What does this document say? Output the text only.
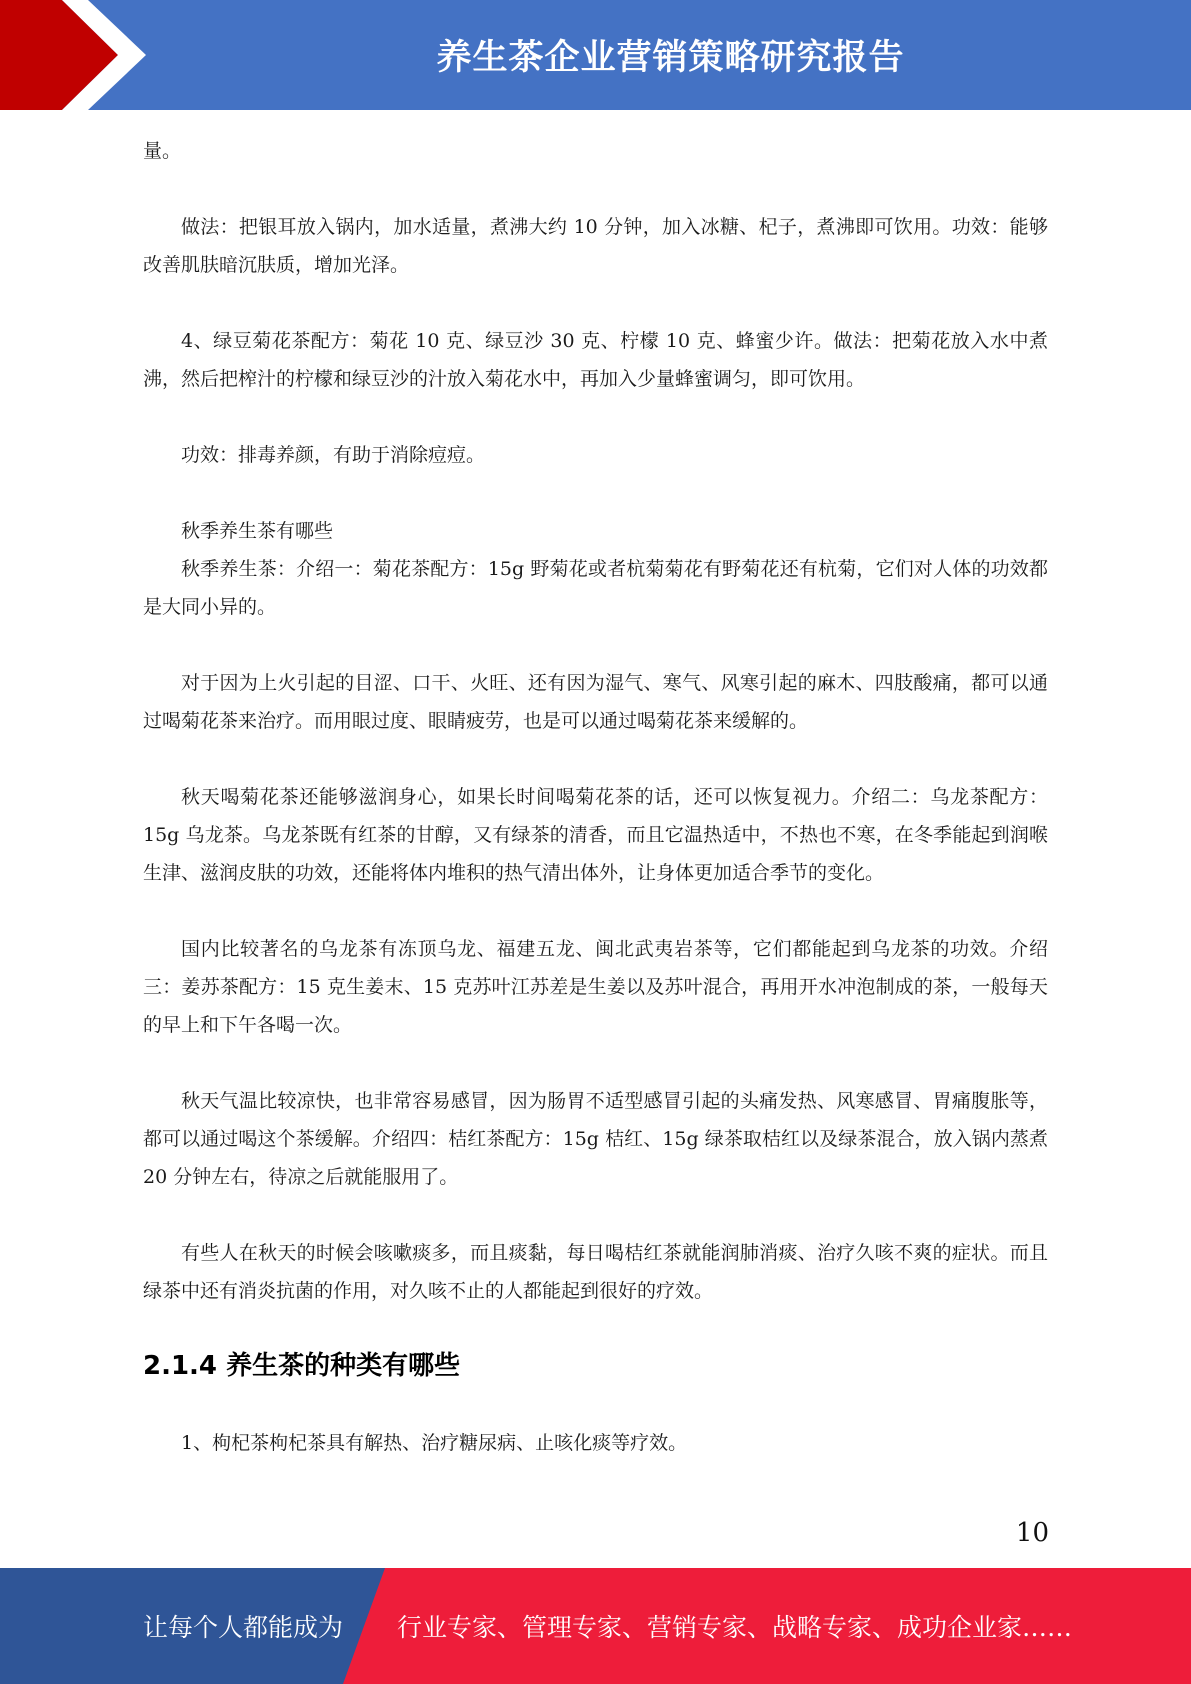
养生茶企业营销策略研究报告

量。

做法：把银耳放入锅内，加水适量，煮沸大约 10 分钟，加入冰糖、杞子，煮沸即可饮用。功效：能够改善肌肤暗沉肤质，增加光泽。

4、绿豆菊花茶配方：菊花 10 克、绿豆沙 30 克、柠檬 10 克、蜂蜜少许。做法：把菊花放入水中煮沸，然后把榨汁的柠檬和绿豆沙的汁放入菊花水中，再加入少量蜂蜜调匀，即可饮用。

功效：排毒养颜，有助于消除痘痘。

秋季养生茶有哪些

秋季养生茶：介绍一：菊花茶配方：15g 野菊花或者杭菊菊花有野菊花还有杭菊，它们对人体的功效都是大同小异的。

对于因为上火引起的目涩、口干、火旺、还有因为湿气、寒气、风寒引起的麻木、四肢酸痛，都可以通过喝菊花茶来治疗。而用眼过度、眼睛疲劳，也是可以通过喝菊花茶来缓解的。

秋天喝菊花茶还能够滋润身心，如果长时间喝菊花茶的话，还可以恢复视力。介绍二：乌龙茶配方：15g 乌龙茶。乌龙茶既有红茶的甘醇，又有绿茶的清香，而且它温热适中，不热也不寒，在冬季能起到润喉生津、滋润皮肤的功效，还能将体内堆积的热气清出体外，让身体更加适合季节的变化。

国内比较著名的乌龙茶有冻顶乌龙、福建五龙、闽北武夷岩茶等，它们都能起到乌龙茶的功效。介绍三：姜苏茶配方：15 克生姜末、15 克苏叶江苏差是生姜以及苏叶混合，再用开水冲泡制成的茶，一般每天的早上和下午各喝一次。

秋天气温比较凉快，也非常容易感冒，因为肠胃不适型感冒引起的头痛发热、风寒感冒、胃痛腹胀等，都可以通过喝这个茶缓解。介绍四：桔红茶配方：15g 桔红、15g 绿茶取桔红以及绿茶混合，放入锅内蒸煮 20 分钟左右，待凉之后就能服用了。

有些人在秋天的时候会咳嗽痰多，而且痰黏，每日喝桔红茶就能润肺消痰、治疗久咳不爽的症状。而且绿茶中还有消炎抗菌的作用，对久咳不止的人都能起到很好的疗效。

2.1.4 养生茶的种类有哪些

1、枸杞茶枸杞茶具有解热、治疗糖尿病、止咳化痰等疗效。

10
让每个人都能成为 行业专家、管理专家、营销专家、战略专家、成功企业家……
